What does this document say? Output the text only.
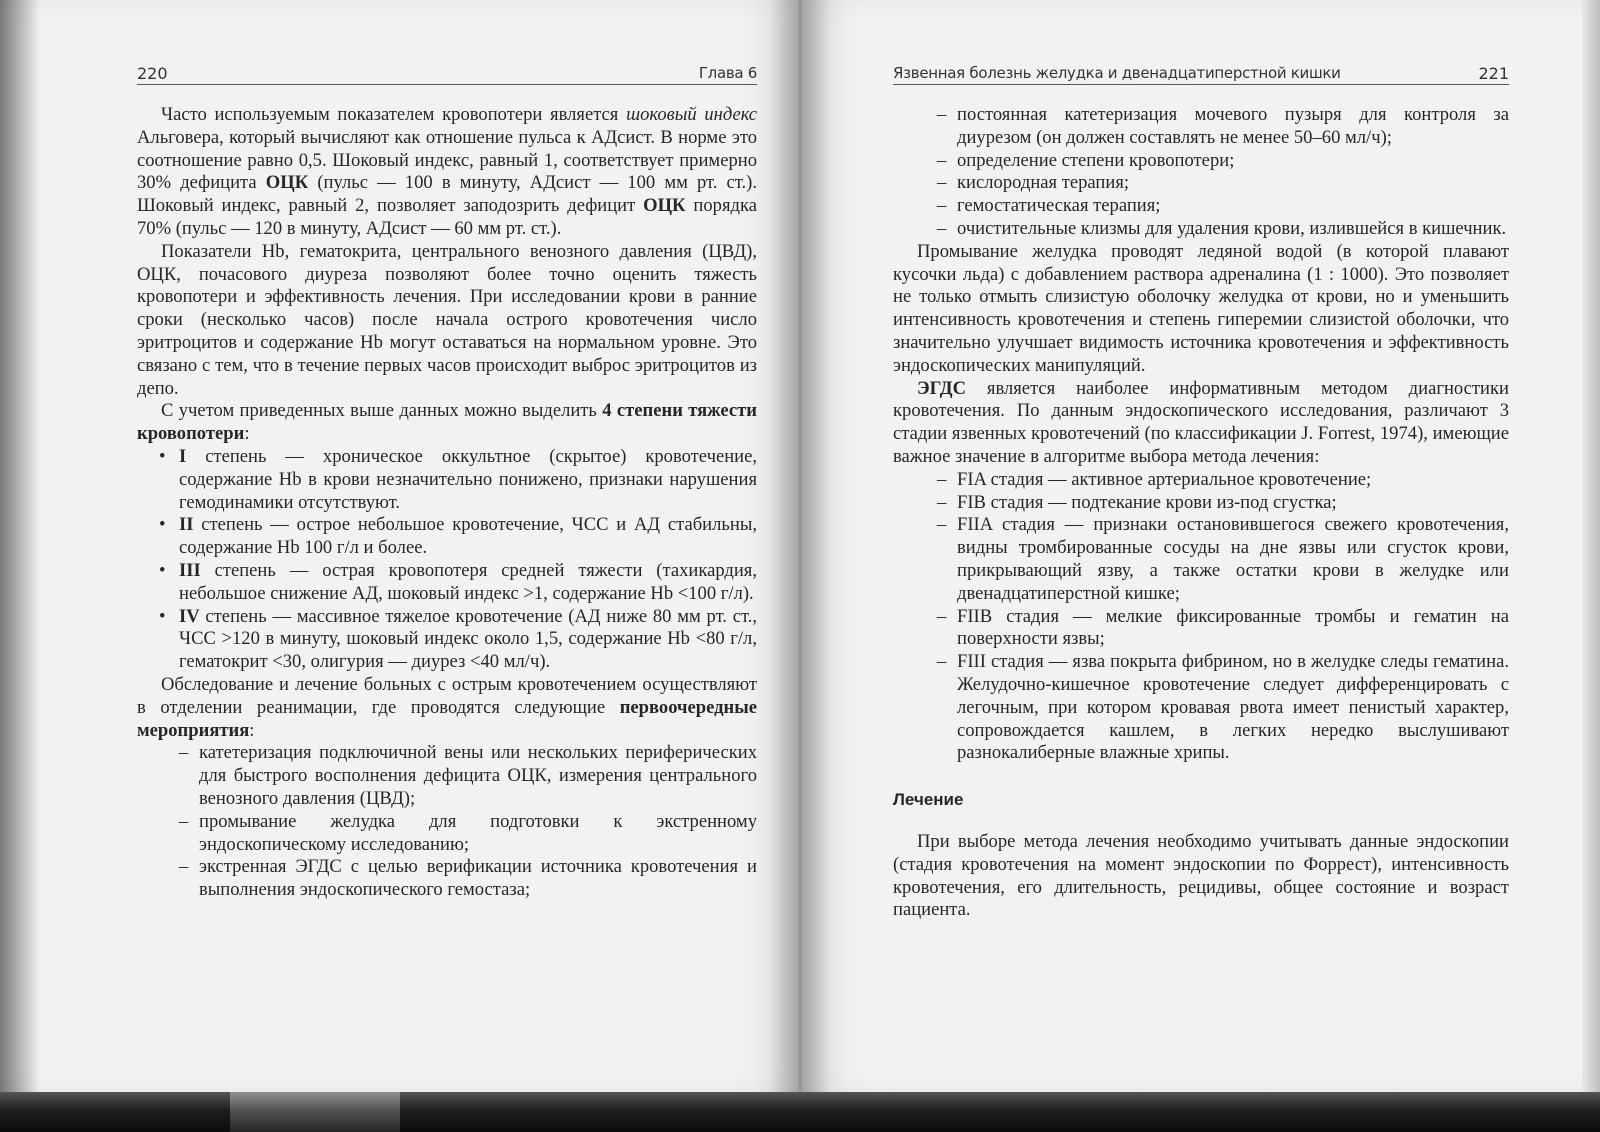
220	Глава 6

Часто используемым показателем кровопотери является шоковый индекс Альговера, который вычисляют как отношение пульса к АДсист. В норме это соотношение равно 0,5. Шоковый индекс, равный 1, соответствует примерно 30% дефицита ОЦК (пульс — 100 в минуту, АДсист — 100 мм рт. ст.). Шоковый индекс, равный 2, позволяет заподозрить дефицит ОЦК порядка 70% (пульс — 120 в минуту, АДсист — 60 мм рт. ст.).

Показатели Hb, гематокрита, центрального венозного давления (ЦВД), ОЦК, почасового диуреза позволяют более точно оценить тяжесть кровопотери и эффективность лечения. При исследовании крови в ранние сроки (несколько часов) после начала острого кровотечения число эритроцитов и содержание Hb могут оставаться на нормальном уровне. Это связано с тем, что в течение первых часов происходит выброс эритроцитов из депо.

С учетом приведенных выше данных можно выделить 4 степени тяжести кровопотери:

• I степень — хроническое оккультное (скрытое) кровотечение, содержание Hb в крови незначительно понижено, признаки нарушения гемодинамики отсутствуют.
• II степень — острое небольшое кровотечение, ЧСС и АД стабильны, содержание Hb 100 г/л и более.
• III степень — острая кровопотеря средней тяжести (тахикардия, небольшое снижение АД, шоковый индекс >1, содержание Hb <100 г/л).
• IV степень — массивное тяжелое кровотечение (АД ниже 80 мм рт. ст., ЧСС >120 в минуту, шоковый индекс около 1,5, содержание Hb <80 г/л, гематокрит <30, олигурия — диурез <40 мл/ч).

Обследование и лечение больных с острым кровотечением осуществляют в отделении реанимации, где проводятся следующие первоочередные мероприятия:

– катетеризация подключичной вены или нескольких периферических для быстрого восполнения дефицита ОЦК, измерения центрального венозного давления (ЦВД);
– промывание желудка для подготовки к экстренному эндоскопическому исследованию;
– экстренная ЭГДС с целью верификации источника кровотечения и выполнения эндоскопического гемостаза;
Язвенная болезнь желудка и двенадцатиперстной кишки	221
– постоянная катетеризация мочевого пузыря для контроля за диурезом (он должен составлять не менее 50–60 мл/ч);
– определение степени кровопотери;
– кислородная терапия;
– гемостатическая терапия;
– очистительные клизмы для удаления крови, излившейся в кишечник.

Промывание желудка проводят ледяной водой (в которой плавают кусочки льда) с добавлением раствора адреналина (1 : 1000). Это позволяет не только отмыть слизистую оболочку желудка от крови, но и уменьшить интенсивность кровотечения и степень гиперемии слизистой оболочки, что значительно улучшает видимость источника кровотечения и эффективность эндоскопических манипуляций.

ЭГДС является наиболее информативным методом диагностики кровотечения. По данным эндоскопического исследования, различают 3 стадии язвенных кровотечений (по классификации J. Forrest, 1974), имеющие важное значение в алгоритме выбора метода лечения:

– FIA стадия — активное артериальное кровотечение;
– FIB стадия — подтекание крови из-под сгустка;
– FIIA стадия — признаки остановившегося свежего кровотечения, видны тромбированные сосуды на дне язвы или сгусток крови, прикрывающий язву, а также остатки крови в желудке или двенадцатиперстной кишке;
– FIIB стадия — мелкие фиксированные тромбы и гематин на поверхности язвы;
– FIII стадия — язва покрыта фибрином, но в желудке следы гематина. Желудочно-кишечное кровотечение следует дифференцировать с легочным, при котором кровавая рвота имеет пенистый характер, сопровождается кашлем, в легких нередко выслушивают разнокалиберные влажные хрипы.
Лечение

При выборе метода лечения необходимо учитывать данные эндоскопии (стадия кровотечения на момент эндоскопии по Форрест), интенсивность кровотечения, его длительность, рецидивы, общее состояние и возраст пациента.
